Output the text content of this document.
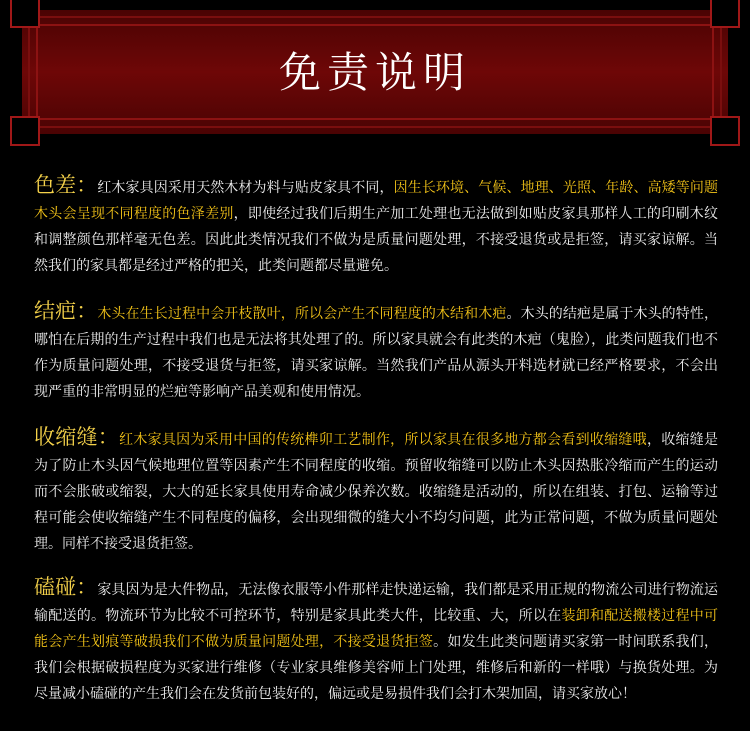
免责说明

色差：红木家具因采用天然木材为料与贴皮家具不同，因生长环境、气候、地理、光照、年龄、高矮等问题木头会呈现不同程度的色泽差别，即使经过我们后期生产加工处理也无法做到如贴皮家具那样人工的印刷木纹和调整颜色那样毫无色差。因此此类情况我们不做为是质量问题处理，不接受退货或是拒签，请买家谅解。当然我们的家具都是经过严格的把关，此类问题都尽量避免。

结疤：木头在生长过程中会开枝散叶，所以会产生不同程度的木结和木疤。木头的结疤是属于木头的特性，哪怕在后期的生产过程中我们也是无法将其处理了的。所以家具就会有此类的木疤（鬼脸），此类问题我们也不作为质量问题处理，不接受退货与拒签，请买家谅解。当然我们产品从源头开料选材就已经严格要求，不会出现严重的非常明显的烂疤等影响产品美观和使用情况。

收缩缝：红木家具因为采用中国的传统榫卯工艺制作，所以家具在很多地方都会看到收缩缝哦，收缩缝是为了防止木头因气候地理位置等因素产生不同程度的收缩。预留收缩缝可以防止木头因热胀冷缩而产生的运动而不会胀破或缩裂，大大的延长家具使用寿命减少保养次数。收缩缝是活动的，所以在组装、打包、运输等过程可能会使收缩缝产生不同程度的偏移，会出现细微的缝大小不均匀问题，此为正常问题，不做为质量问题处理。同样不接受退货拒签。

磕碰：家具因为是大件物品，无法像衣服等小件那样走快递运输，我们都是采用正规的物流公司进行物流运输配送的。物流环节为比较不可控环节，特别是家具此类大件，比较重、大，所以在装卸和配送搬楼过程中可能会产生划痕等破损我们不做为质量问题处理，不接受退货拒签。如发生此类问题请买家第一时间联系我们，我们会根据破损程度为买家进行维修（专业家具维修美容师上门处理，维修后和新的一样哦）与换货处理。为尽量减小磕碰的产生我们会在发货前包装好的，偏远或是易损件我们会打木架加固，请买家放心！
